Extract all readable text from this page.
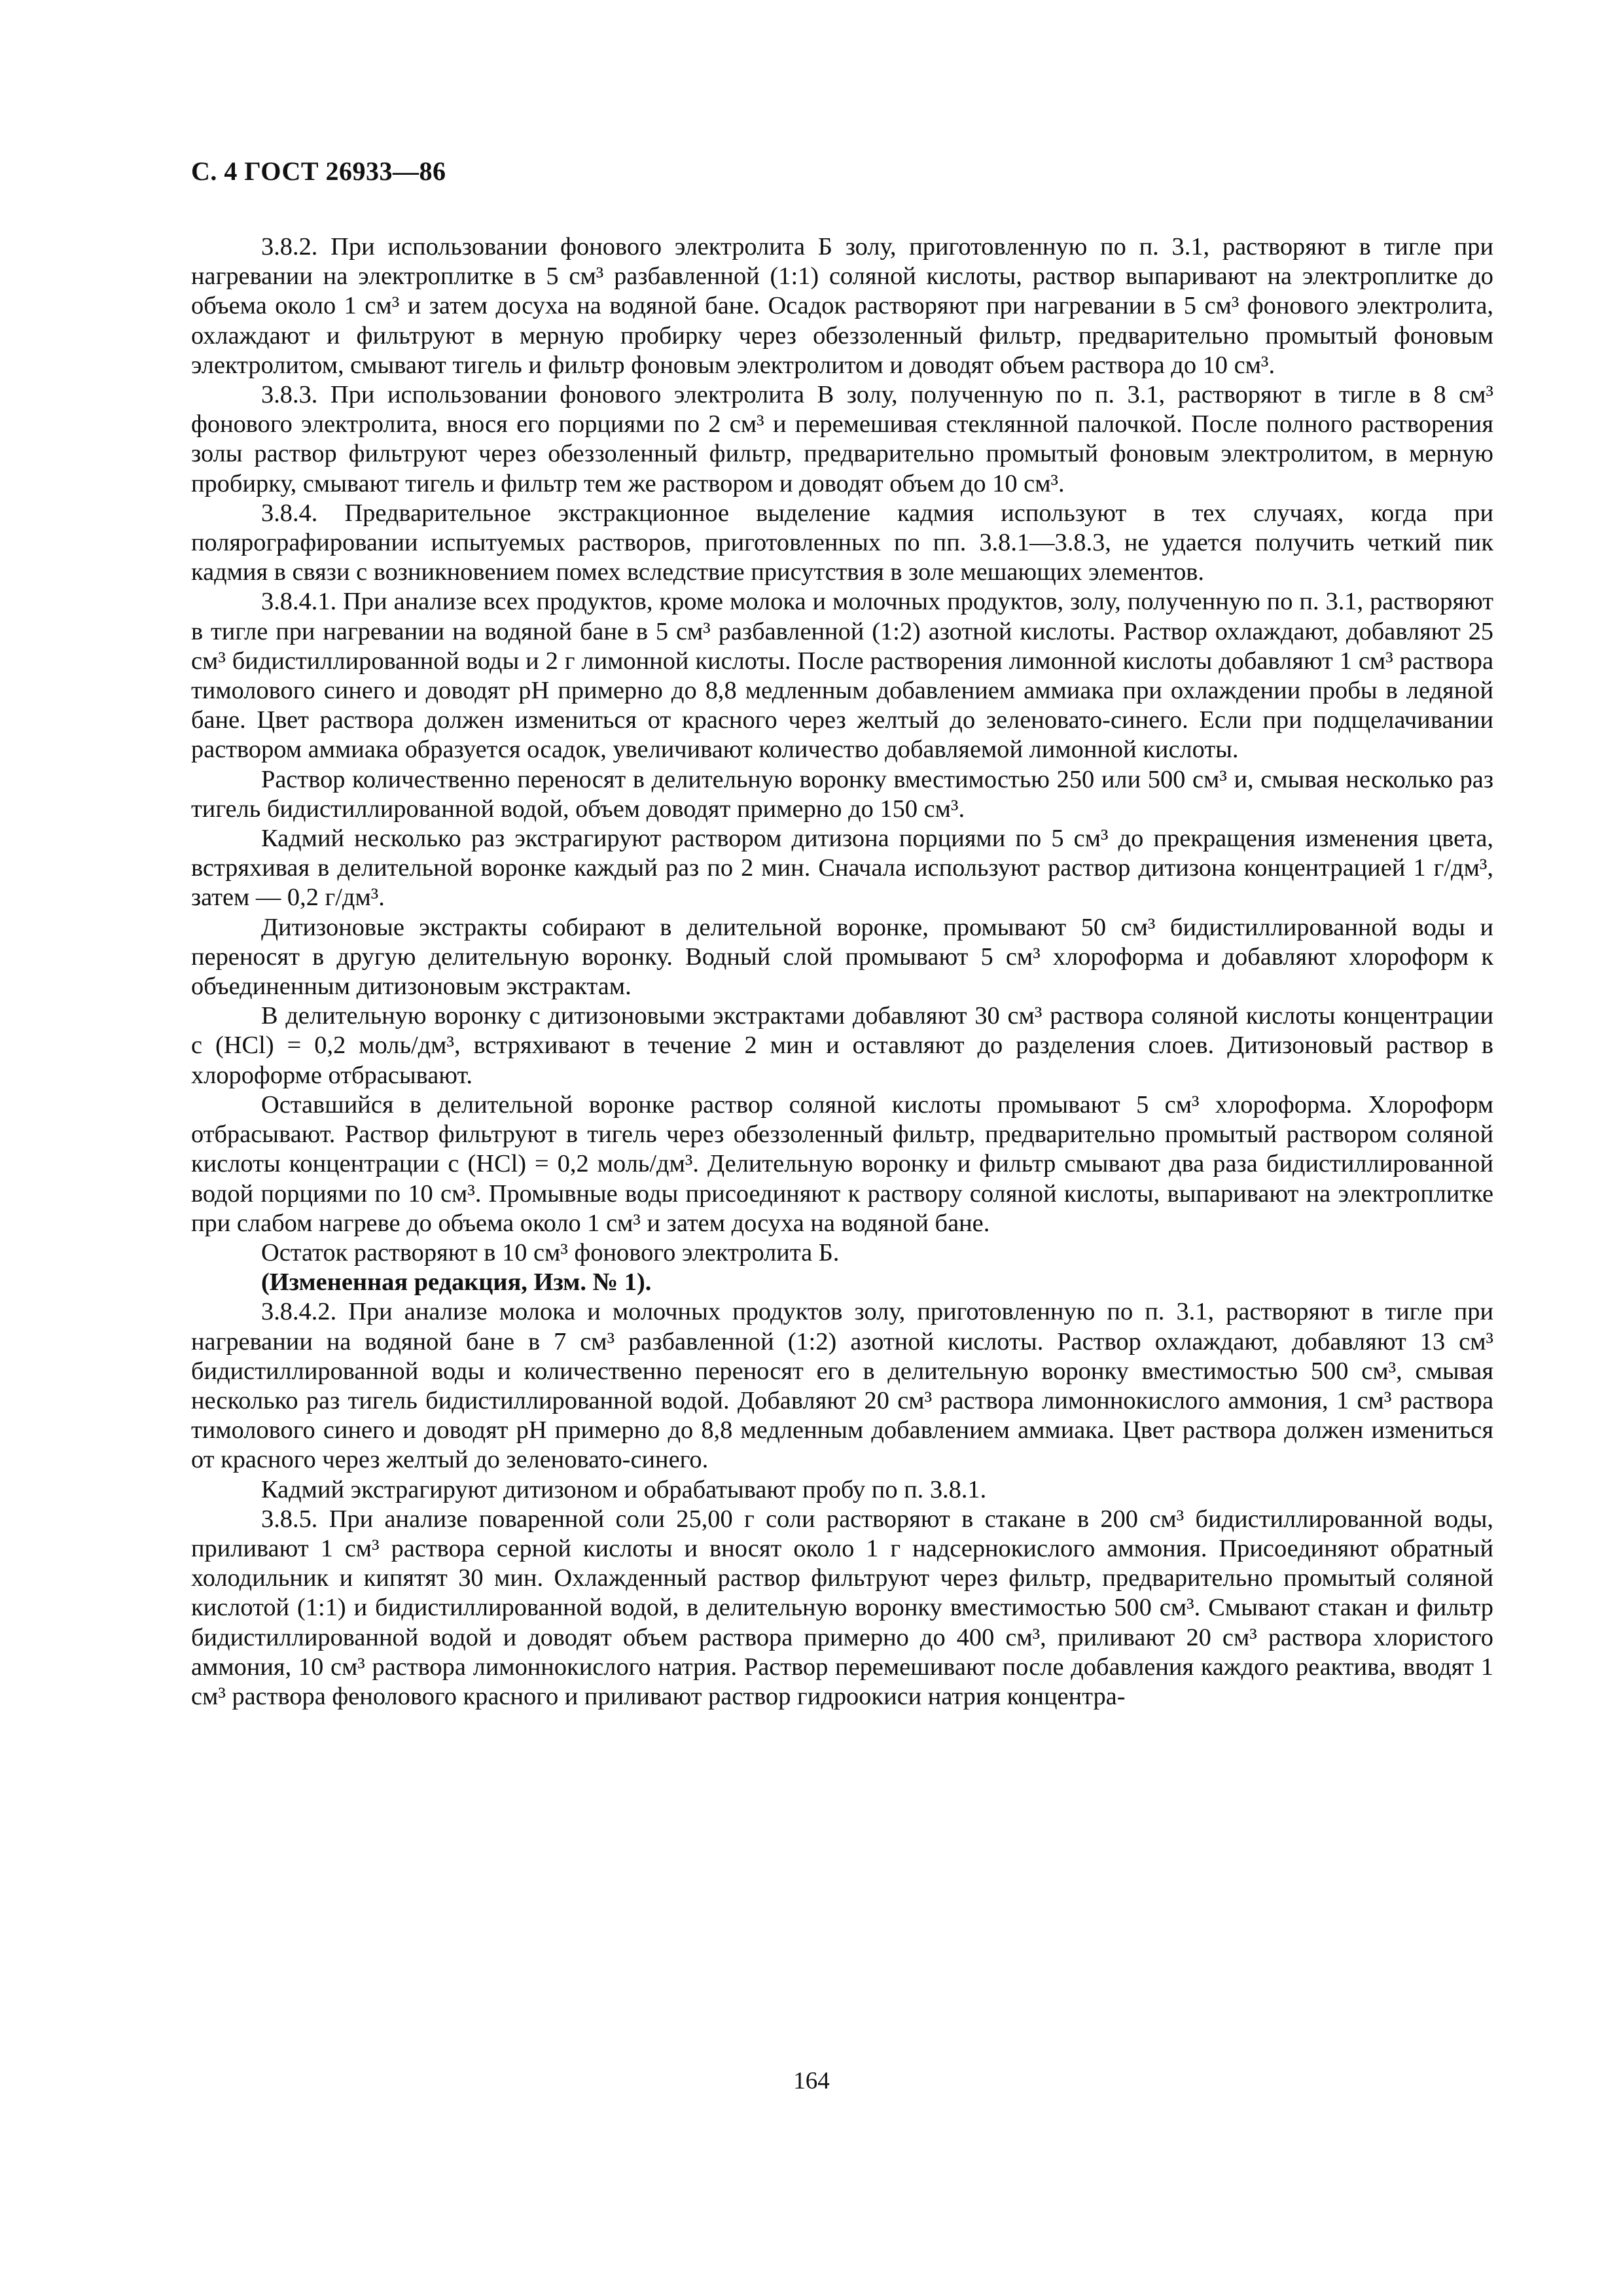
С. 4 ГОСТ 26933—86

3.8.2. При использовании фонового электролита Б золу, приготовленную по п. 3.1, растворяют в тигле при нагревании на электроплитке в 5 см³ разбавленной (1:1) соляной кислоты, раствор выпаривают на электроплитке до объема около 1 см³ и затем досуха на водяной бане. Осадок растворяют при нагревании в 5 см³ фонового электролита, охлаждают и фильтруют в мерную пробирку через обеззоленный фильтр, предварительно промытый фоновым электролитом, смывают тигель и фильтр фоновым электролитом и доводят объем раствора до 10 см³.

3.8.3. При использовании фонового электролита В золу, полученную по п. 3.1, растворяют в тигле в 8 см³ фонового электролита, внося его порциями по 2 см³ и перемешивая стеклянной палочкой. После полного растворения золы раствор фильтруют через обеззоленный фильтр, предварительно промытый фоновым электролитом, в мерную пробирку, смывают тигель и фильтр тем же раствором и доводят объем до 10 см³.

3.8.4. Предварительное экстракционное выделение кадмия используют в тех случаях, когда при полярографировании испытуемых растворов, приготовленных по пп. 3.8.1—3.8.3, не удается получить четкий пик кадмия в связи с возникновением помех вследствие присутствия в золе мешающих элементов.

3.8.4.1. При анализе всех продуктов, кроме молока и молочных продуктов, золу, полученную по п. 3.1, растворяют в тигле при нагревании на водяной бане в 5 см³ разбавленной (1:2) азотной кислоты. Раствор охлаждают, добавляют 25 см³ бидистиллированной воды и 2 г лимонной кислоты. После растворения лимонной кислоты добавляют 1 см³ раствора тимолового синего и доводят pH примерно до 8,8 медленным добавлением аммиака при охлаждении пробы в ледяной бане. Цвет раствора должен измениться от красного через желтый до зеленовато-синего. Если при подщелачивании раствором аммиака образуется осадок, увеличивают количество добавляемой лимонной кислоты.

Раствор количественно переносят в делительную воронку вместимостью 250 или 500 см³ и, смывая несколько раз тигель бидистиллированной водой, объем доводят примерно до 150 см³.

Кадмий несколько раз экстрагируют раствором дитизона порциями по 5 см³ до прекращения изменения цвета, встряхивая в делительной воронке каждый раз по 2 мин. Сначала используют раствор дитизона концентрацией 1 г/дм³, затем — 0,2 г/дм³.

Дитизоновые экстракты собирают в делительной воронке, промывают 50 см³ бидистиллированной воды и переносят в другую делительную воронку. Водный слой промывают 5 см³ хлороформа и добавляют хлороформ к объединенным дитизоновым экстрактам.

В делительную воронку с дитизоновыми экстрактами добавляют 30 см³ раствора соляной кислоты концентрации c (HCl) = 0,2 моль/дм³, встряхивают в течение 2 мин и оставляют до разделения слоев. Дитизоновый раствор в хлороформе отбрасывают.

Оставшийся в делительной воронке раствор соляной кислоты промывают 5 см³ хлороформа. Хлороформ отбрасывают. Раствор фильтруют в тигель через обеззоленный фильтр, предварительно промытый раствором соляной кислоты концентрации c (HCl) = 0,2 моль/дм³. Делительную воронку и фильтр смывают два раза бидистиллированной водой порциями по 10 см³. Промывные воды присоединяют к раствору соляной кислоты, выпаривают на электроплитке при слабом нагреве до объема около 1 см³ и затем досуха на водяной бане.

Остаток растворяют в 10 см³ фонового электролита Б.

(Измененная редакция, Изм. № 1).

3.8.4.2. При анализе молока и молочных продуктов золу, приготовленную по п. 3.1, растворяют в тигле при нагревании на водяной бане в 7 см³ разбавленной (1:2) азотной кислоты. Раствор охлаждают, добавляют 13 см³ бидистиллированной воды и количественно переносят его в делительную воронку вместимостью 500 см³, смывая несколько раз тигель бидистиллированной водой. Добавляют 20 см³ раствора лимоннокислого аммония, 1 см³ раствора тимолового синего и доводят pH примерно до 8,8 медленным добавлением аммиака. Цвет раствора должен измениться от красного через желтый до зеленовато-синего.

Кадмий экстрагируют дитизоном и обрабатывают пробу по п. 3.8.1.

3.8.5. При анализе поваренной соли 25,00 г соли растворяют в стакане в 200 см³ бидистиллированной воды, приливают 1 см³ раствора серной кислоты и вносят около 1 г надсернокислого аммония. Присоединяют обратный холодильник и кипятят 30 мин. Охлажденный раствор фильтруют через фильтр, предварительно промытый соляной кислотой (1:1) и бидистиллированной водой, в делительную воронку вместимостью 500 см³. Смывают стакан и фильтр бидистиллированной водой и доводят объем раствора примерно до 400 см³, приливают 20 см³ раствора хлористого аммония, 10 см³ раствора лимоннокислого натрия. Раствор перемешивают после добавления каждого реактива, вводят 1 см³ раствора фенолового красного и приливают раствор гидроокиси натрия концентра-

164
